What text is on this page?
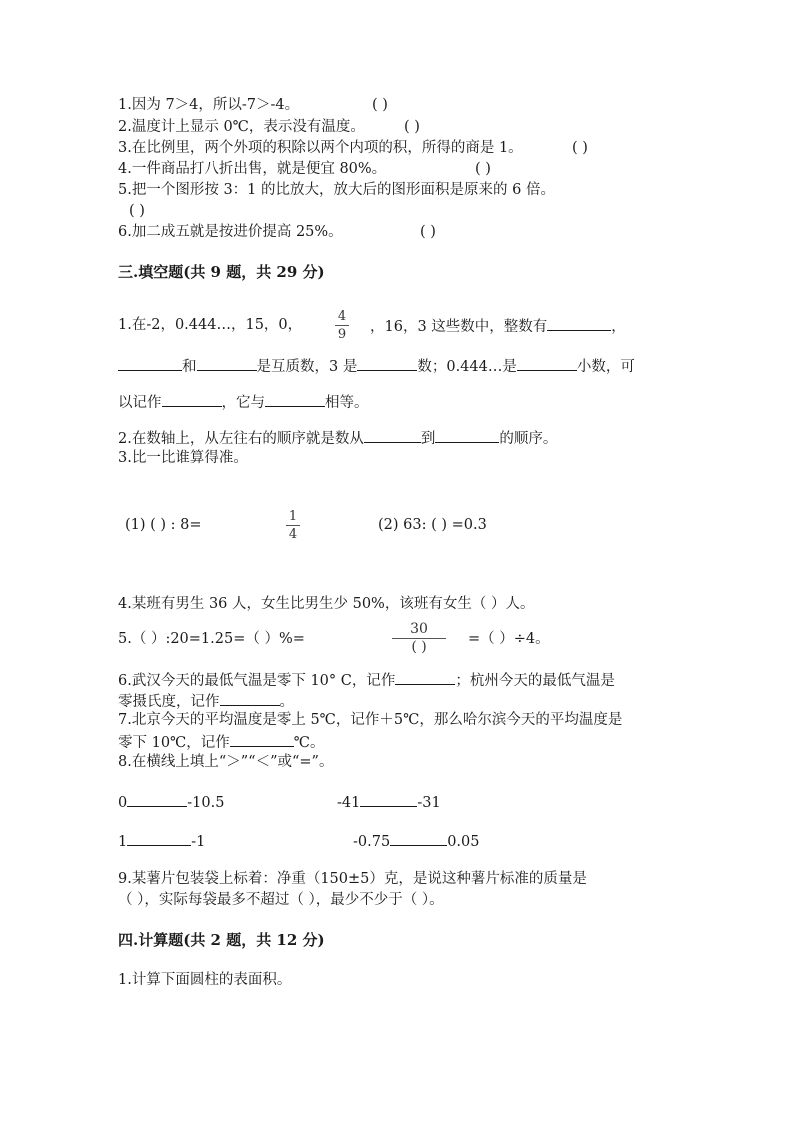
1.因为 7＞4，所以-7＞-4。	( )
2.温度计上显示 0℃，表示没有温度。	( )
3.在比例里，两个外项的积除以两个内项的积，所得的商是 1。	( )
4.一件商品打八折出售，就是便宜 80%。	( )
5.把一个图形按 3：1 的比放大，放大后的图形面积是原来的 6 倍。
( )
6.加二成五就是按进价提高 25%。	( )
三.填空题(共 9 题，共 29 分)
1.在-2，0.444…，15，0，
4
9 ，16，3 这些数中，整数有	，
和	是互质数，3 是	数；0.444…是	小数，可
以记作	，它与	相等。
2.在数轴上，从左往右的顺序就是数从	到	的顺序。
3.比一比谁算得准。
(1) ( ) : 8=
1
4
(2) 63: ( ) =0.3
4.某班有男生 36 人，女生比男生少 50%，该班有女生（ ）人。
5.（ ）:20=1.25=（ ）%=
30
( )	=（ ）÷4。
6.武汉今天的最低气温是零下 10° C，记作	；杭州今天的最低气温是
零摄氏度，记作	。
7.北京今天的平均温度是零上 5℃，记作＋5℃，那么哈尔滨今天的平均温度是
零下 10℃，记作	℃。
8.在横线上填上“＞”“＜”或“=”。
0	-10.5	-41	-31
1	-1	-0.75	0.05
9.某薯片包装袋上标着：净重（150±5）克，是说这种薯片标准的质量是
（ ），实际每袋最多不超过（ ），最少不少于（ ）。
四.计算题(共 2 题，共 12 分)
1.计算下面圆柱的表面积。
